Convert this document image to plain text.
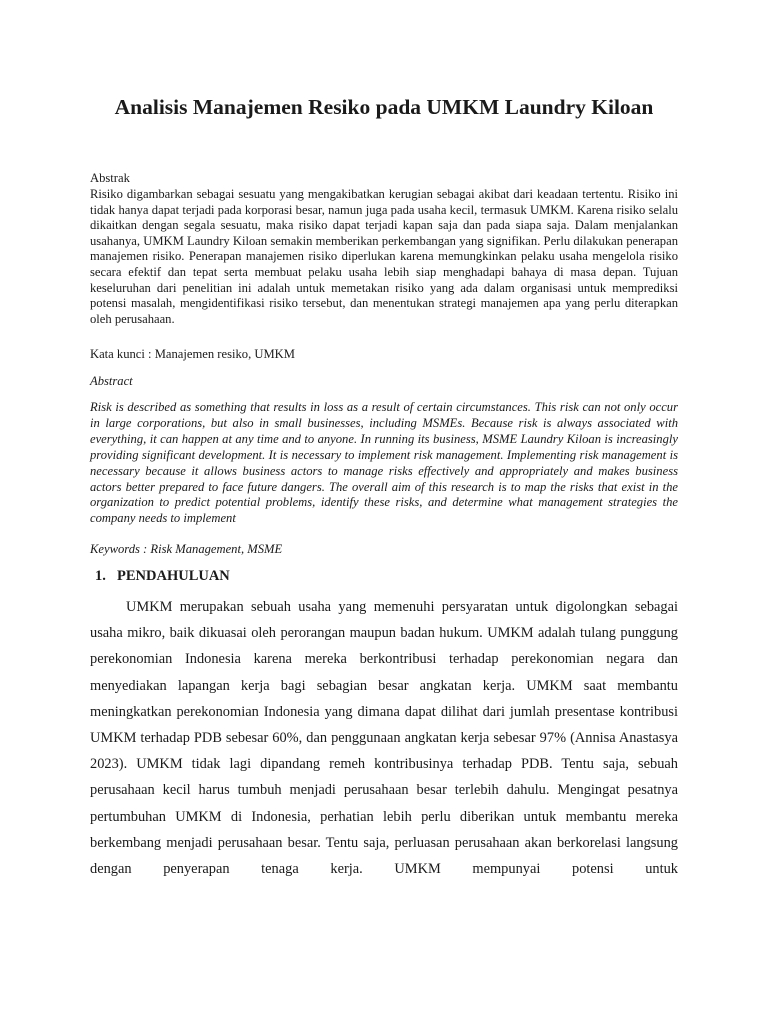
Analisis Manajemen Resiko pada UMKM Laundry Kiloan

Abstrak

Risiko digambarkan sebagai sesuatu yang mengakibatkan kerugian sebagai akibat dari keadaan tertentu. Risiko ini tidak hanya dapat terjadi pada korporasi besar, namun juga pada usaha kecil, termasuk UMKM. Karena risiko selalu dikaitkan dengan segala sesuatu, maka risiko dapat terjadi kapan saja dan pada siapa saja. Dalam menjalankan usahanya, UMKM Laundry Kiloan semakin memberikan perkembangan yang signifikan. Perlu dilakukan penerapan manajemen risiko. Penerapan manajemen risiko diperlukan karena memungkinkan pelaku usaha mengelola risiko secara efektif dan tepat serta membuat pelaku usaha lebih siap menghadapi bahaya di masa depan. Tujuan keseluruhan dari penelitian ini adalah untuk memetakan risiko yang ada dalam organisasi untuk memprediksi potensi masalah, mengidentifikasi risiko tersebut, dan menentukan strategi manajemen apa yang perlu diterapkan oleh perusahaan.

Kata kunci : Manajemen resiko, UMKM

Abstract

Risk is described as something that results in loss as a result of certain circumstances. This risk can not only occur in large corporations, but also in small businesses, including MSMEs. Because risk is always associated with everything, it can happen at any time and to anyone. In running its business, MSME Laundry Kiloan is increasingly providing significant development. It is necessary to implement risk management. Implementing risk management is necessary because it allows business actors to manage risks effectively and appropriately and makes business actors better prepared to face future dangers. The overall aim of this research is to map the risks that exist in the organization to predict potential problems, identify these risks, and determine what management strategies the company needs to implement

Keywords : Risk Management, MSME

1. PENDAHULUAN

UMKM merupakan sebuah usaha yang memenuhi persyaratan untuk digolongkan sebagai usaha mikro, baik dikuasai oleh perorangan maupun badan hukum. UMKM adalah tulang punggung perekonomian Indonesia karena mereka berkontribusi terhadap perekonomian negara dan menyediakan lapangan kerja bagi sebagian besar angkatan kerja. UMKM saat membantu meningkatkan perekonomian Indonesia yang dimana dapat dilihat dari jumlah presentase kontribusi UMKM terhadap PDB sebesar 60%, dan penggunaan angkatan kerja sebesar 97% (Annisa Anastasya 2023). UMKM tidak lagi dipandang remeh kontribusinya terhadap PDB. Tentu saja, sebuah perusahaan kecil harus tumbuh menjadi perusahaan besar terlebih dahulu. Mengingat pesatnya pertumbuhan UMKM di Indonesia, perhatian lebih perlu diberikan untuk membantu mereka berkembang menjadi perusahaan besar. Tentu saja, perluasan perusahaan akan berkorelasi langsung dengan penyerapan tenaga kerja. UMKM mempunyai potensi untuk
